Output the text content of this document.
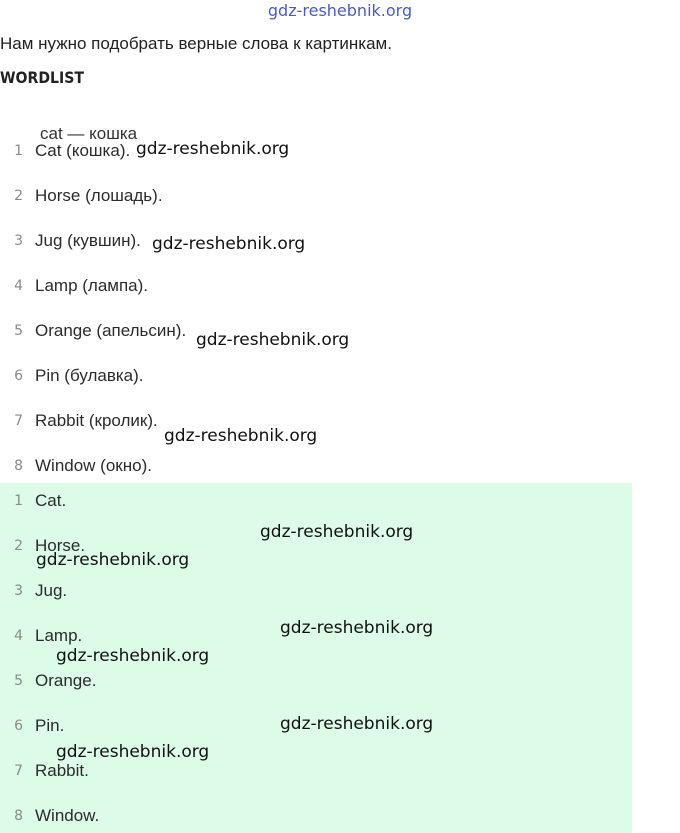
gdz-reshebnik.org
Нам нужно подобрать верные слова к картинкам.
WORDLIST
cat — кошка
1 Cat (кошка).
2 Horse (лошадь).
3 Jug (кувшин).
4 Lamp (лампа).
5 Orange (апельсин).
6 Pin (булавка).
7 Rabbit (кролик).
8 Window (окно).
1 Cat.
2 Horse.
3 Jug.
4 Lamp.
5 Orange.
6 Pin.
7 Rabbit.
8 Window.
gdz-reshebnik.org
gdz-reshebnik.org
gdz-reshebnik.org
gdz-reshebnik.org
gdz-reshebnik.org
gdz-reshebnik.org
gdz-reshebnik.org
gdz-reshebnik.org
gdz-reshebnik.org
gdz-reshebnik.org
